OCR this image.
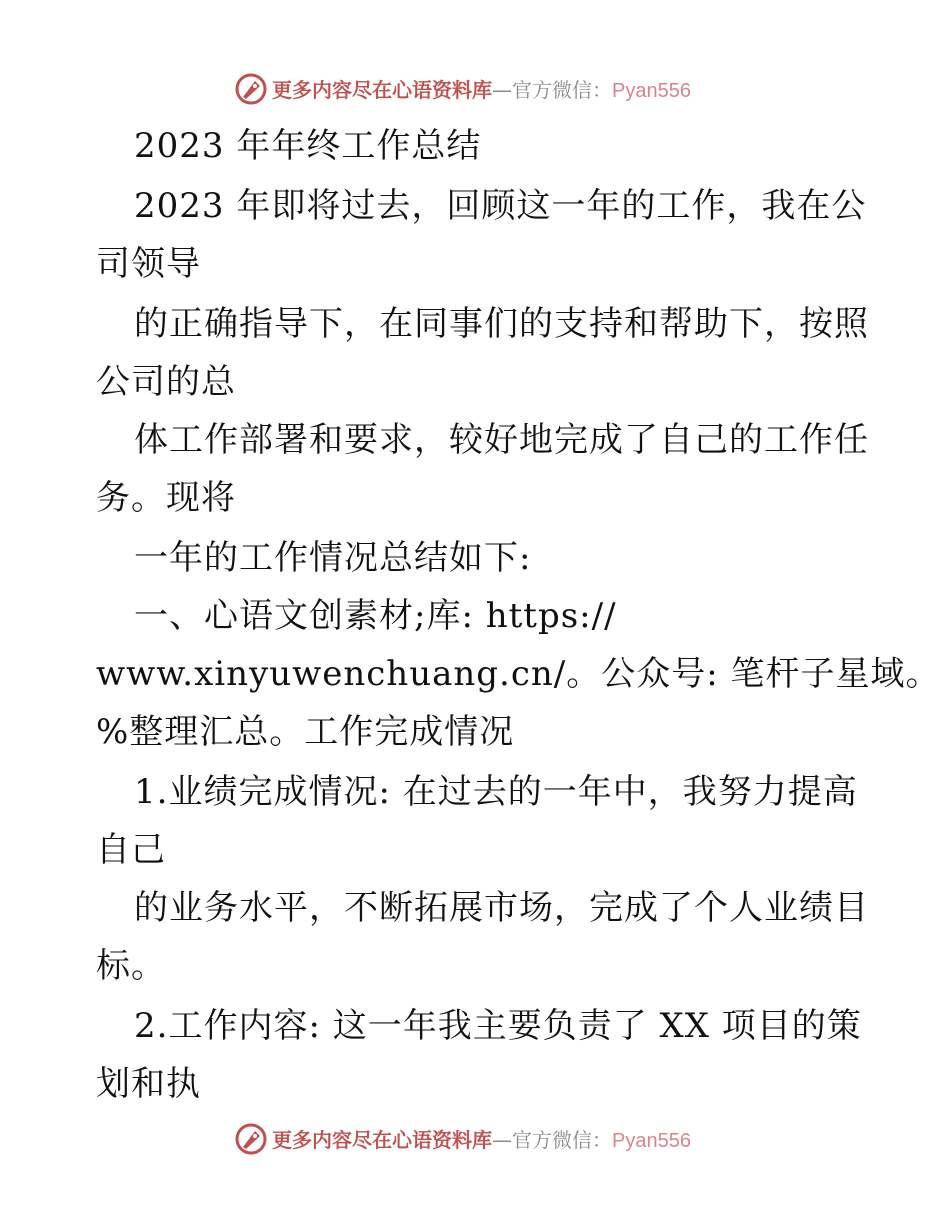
更多内容尽在心语资料库—官方微信：Pyan556
2023 年年终工作总结
2023 年即将过去，回顾这一年的工作，我在公
司领导
的正确指导下，在同事们的支持和帮助下，按照
公司的总
体工作部署和要求，较好地完成了自己的工作任
务。现将
一年的工作情况总结如下:
一、心语文创素材;库: https://
www.xinyuwenchuang.cn/。公众号: 笔杆子星域。
%整理汇总。工作完成情况
1.业绩完成情况: 在过去的一年中，我努力提高
自己
的业务水平，不断拓展市场，完成了个人业绩目
标。
2.工作内容: 这一年我主要负责了 XX 项目的策
划和执
更多内容尽在心语资料库—官方微信：Pyan556
